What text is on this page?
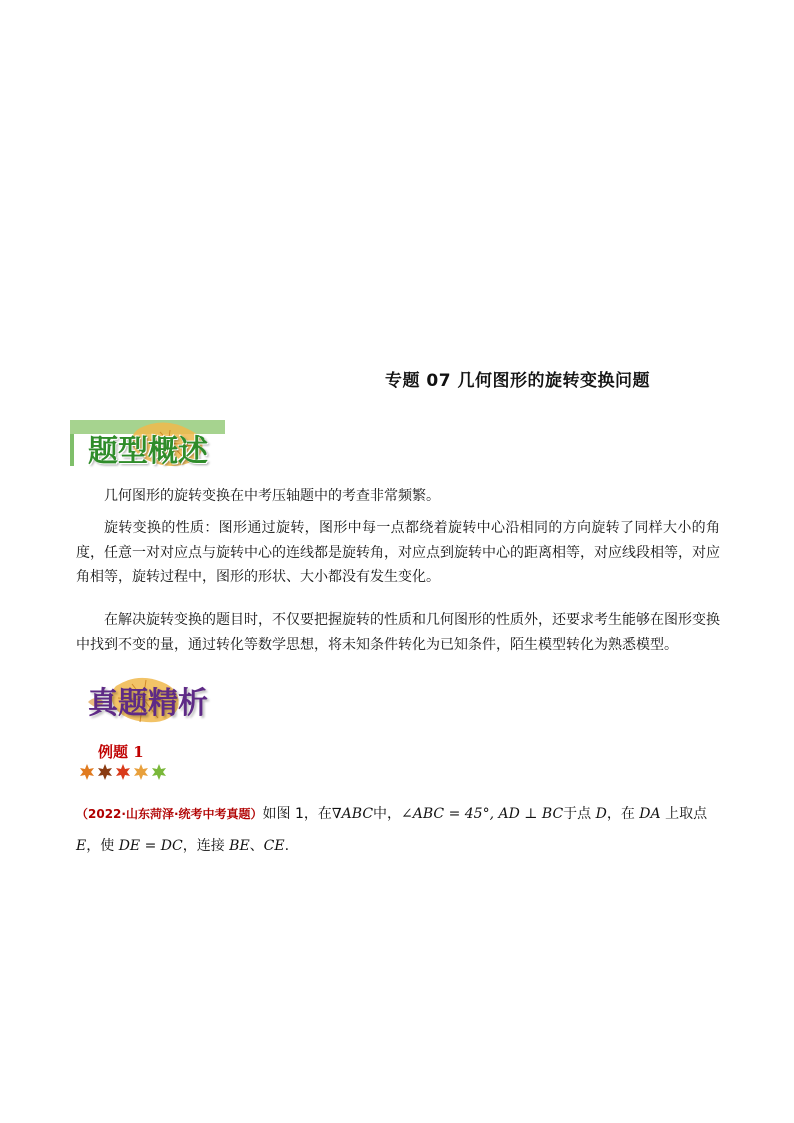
专题 07 几何图形的旋转变换问题
题型概述

几何图形的旋转变换在中考压轴题中的考查非常频繁。

旋转变换的性质：图形通过旋转，图形中每一点都绕着旋转中心沿相同的方向旋转了同样大小的角度，任意一对对应点与旋转中心的连线都是旋转角，对应点到旋转中心的距离相等，对应线段相等，对应角相等，旋转过程中，图形的形状、大小都没有发生变化。

在解决旋转变换的题目时，不仅要把握旋转的性质和几何图形的性质外，还要求考生能够在图形变换中找到不变的量，通过转化等数学思想，将未知条件转化为已知条件，陌生模型转化为熟悉模型。

真题精析
例题 1

（2022·山东菏泽·统考中考真题）如图 1，在∇ABC中，∠ABC = 45°, AD ⊥ BC于点 D，在 DA 上取点 E，使 DE = DC，连接 BE、CE.
